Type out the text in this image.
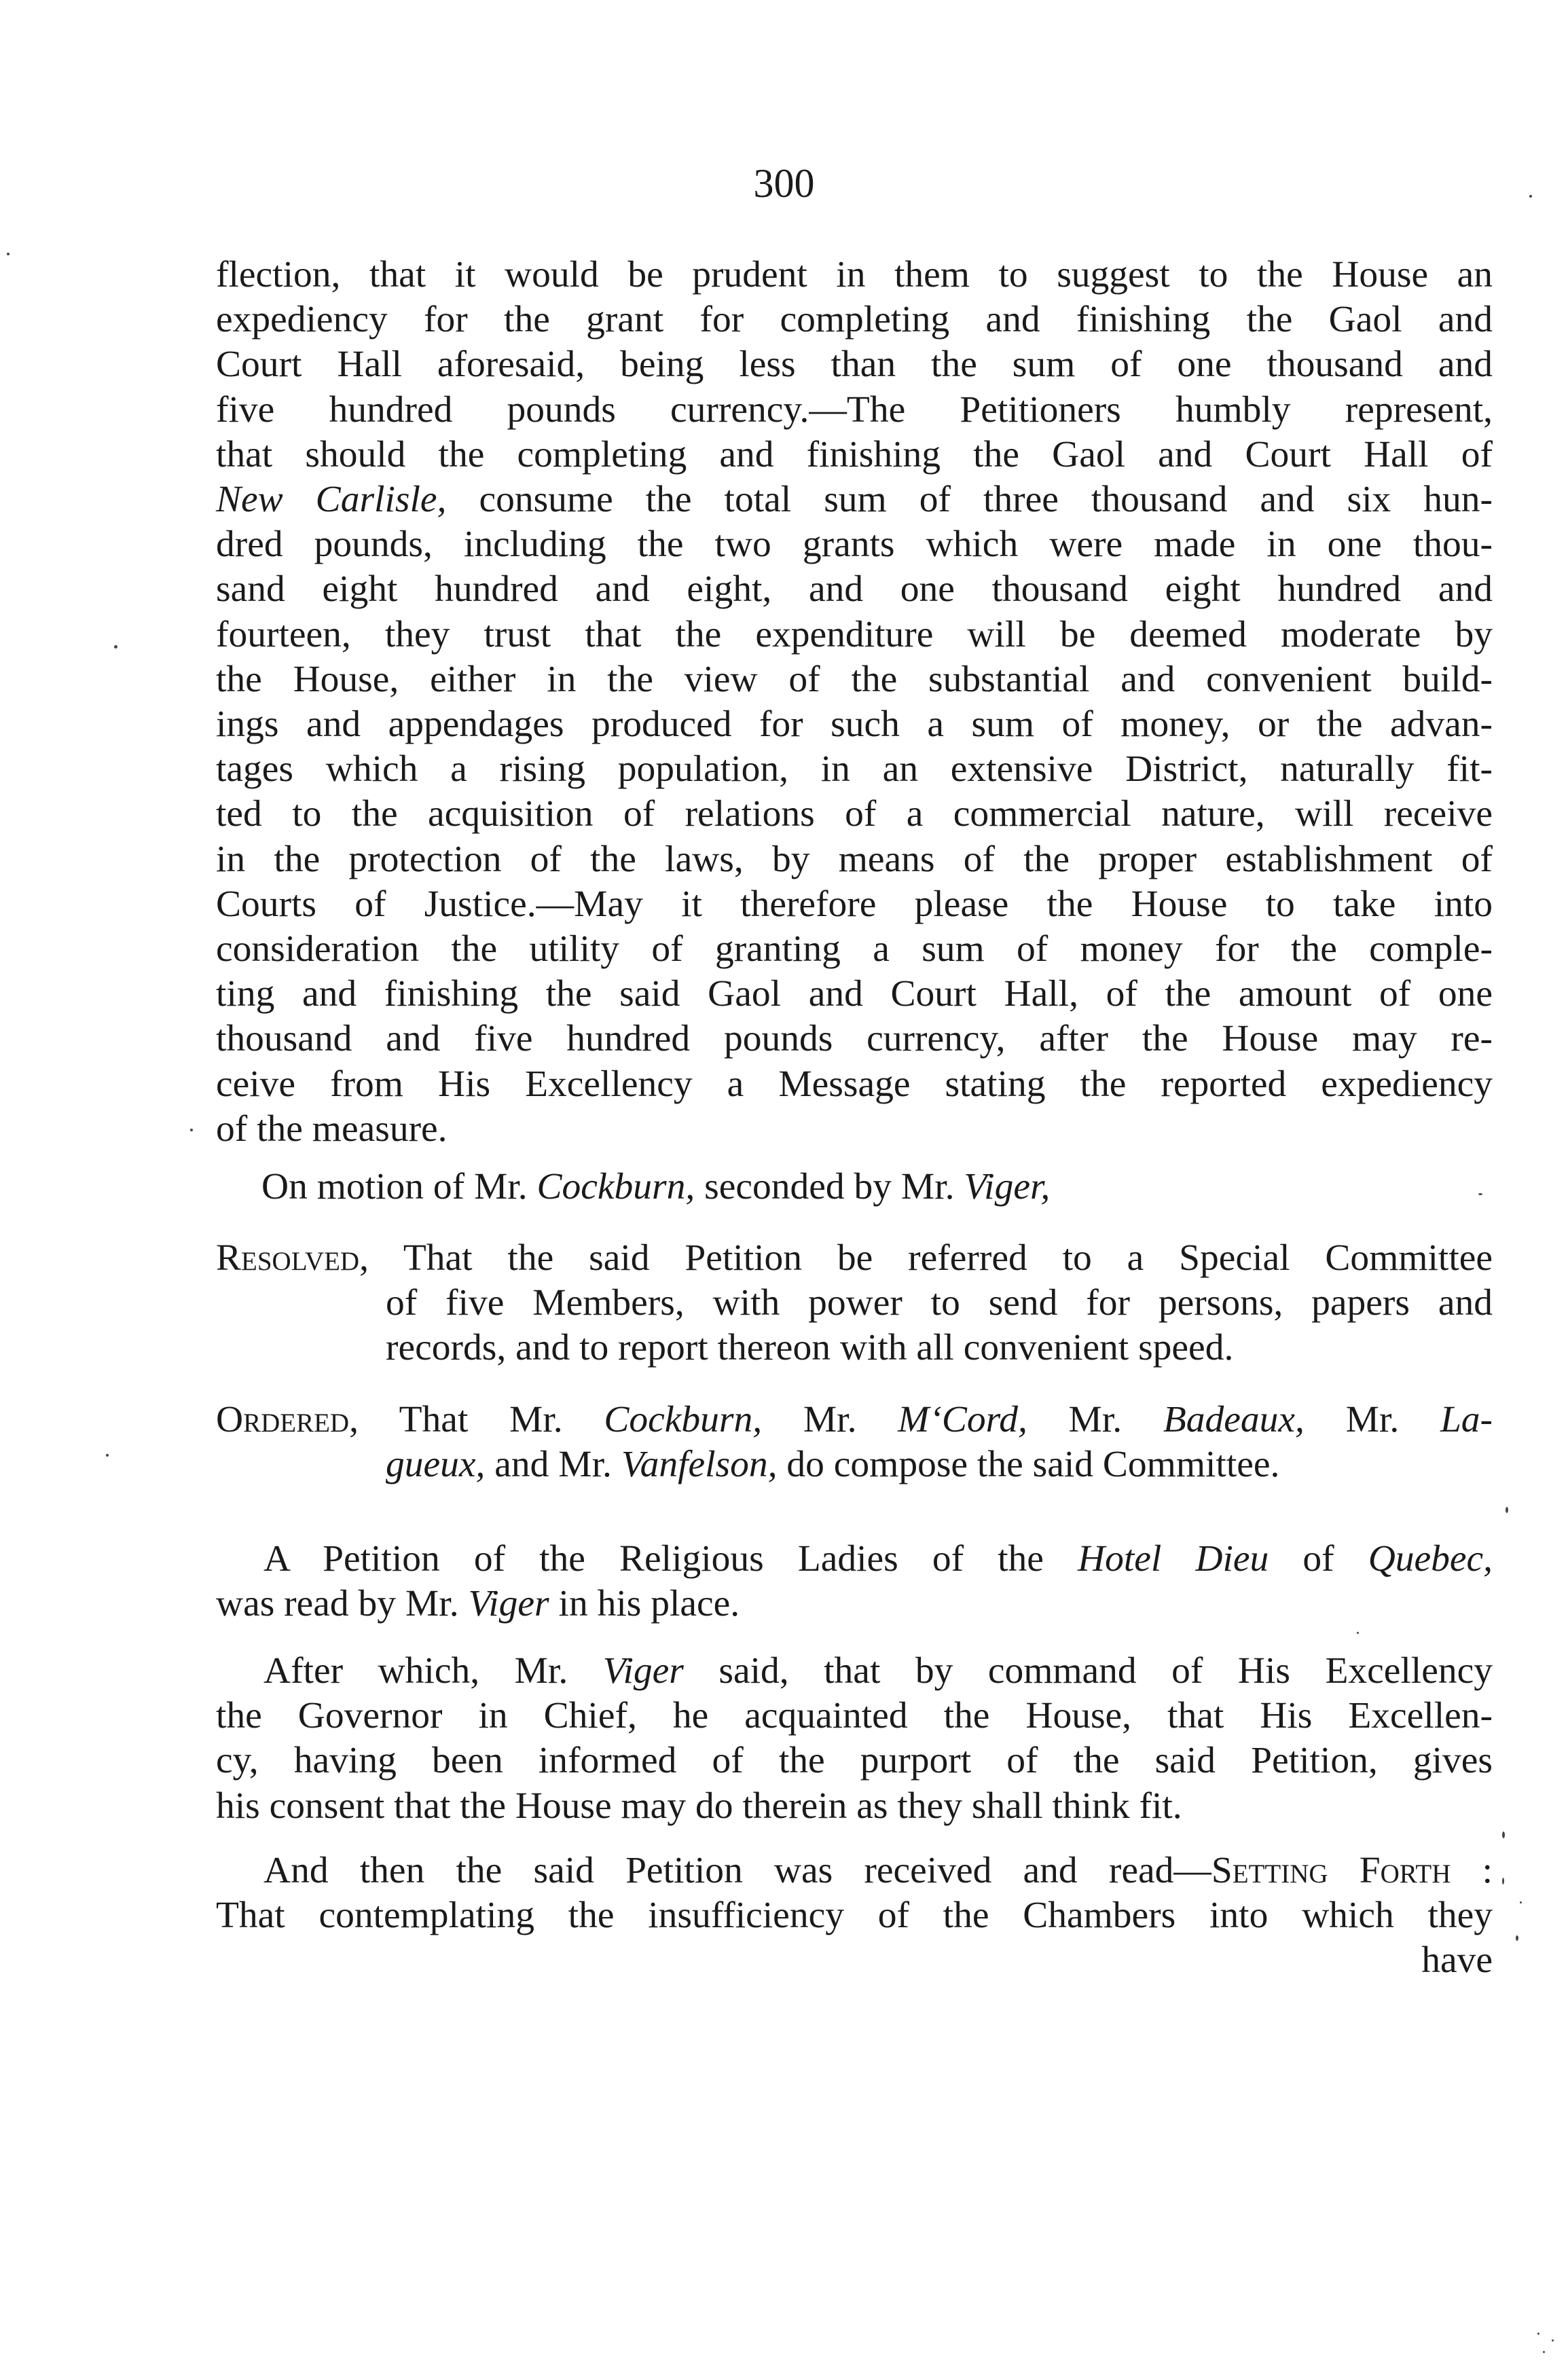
300
flection, that it would be prudent in them to suggest to the House an
expediency for the grant for completing and finishing the Gaol and
Court Hall aforesaid, being less than the sum of one thousand and
five hundred pounds currency.—The Petitioners humbly represent,
that should the completing and finishing the Gaol and Court Hall of
New Carlisle, consume the total sum of three thousand and six hun-
dred pounds, including the two grants which were made in one thou-
sand eight hundred and eight, and one thousand eight hundred and
fourteen, they trust that the expenditure will be deemed moderate by
the House, either in the view of the substantial and convenient build-
ings and appendages produced for such a sum of money, or the advan-
tages which a rising population, in an extensive District, naturally fit-
ted to the acquisition of relations of a commercial nature, will receive
in the protection of the laws, by means of the proper establishment of
Courts of Justice.—May it therefore please the House to take into
consideration the utility of granting a sum of money for the comple-
ting and finishing the said Gaol and Court Hall, of the amount of one
thousand and five hundred pounds currency, after the House may re-
ceive from His Excellency a Message stating the reported expediency
of the measure.
On motion of Mr. Cockburn, seconded by Mr. Viger,
Resolved, That the said Petition be referred to a Special Committee
of five Members, with power to send for persons, papers and
records, and to report thereon with all convenient speed.
Ordered, That Mr. Cockburn, Mr. M‘Cord, Mr. Badeaux, Mr. La-
gueux, and Mr. Vanfelson, do compose the said Committee.
A Petition of the Religious Ladies of the Hotel Dieu of Quebec,
was read by Mr. Viger in his place.
After which, Mr. Viger said, that by command of His Excellency
the Governor in Chief, he acquainted the House, that His Excellen-
cy, having been informed of the purport of the said Petition, gives
his consent that the House may do therein as they shall think fit.
And then the said Petition was received and read—Setting Forth :
That contemplating the insufficiency of the Chambers into which they
have
